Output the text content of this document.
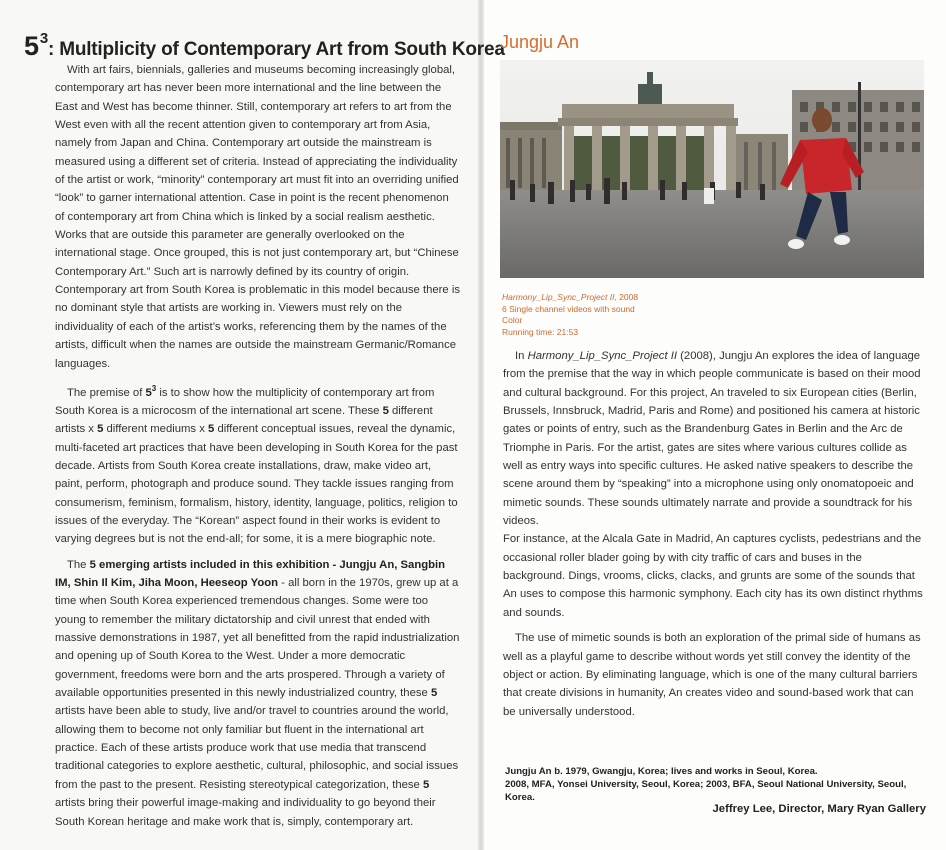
$5^3$: Multiplicity of Contemporary Art from South Korea

With art fairs, biennials, galleries and museums becoming increasingly global, contemporary art has never been more international and the line between the East and West has become thinner. Still, contemporary art refers to art from the West even with all the recent attention given to contemporary art from Asia, namely from Japan and China. Contemporary art outside the mainstream is measured using a different set of criteria. Instead of appreciating the individuality of the artist or work, “minority” contemporary art must fit into an overriding unified “look” to garner international attention. Case in point is the recent phenomenon of contemporary art from China which is linked by a social realism aesthetic. Works that are outside this parameter are generally overlooked on the international stage. Once grouped, this is not just contemporary art, but “Chinese Contemporary Art.” Such art is narrowly defined by its country of origin. Contemporary art from South Korea is problematic in this model because there is no dominant style that artists are working in. Viewers must rely on the individuality of each of the artist’s works, referencing them by the names of the artists, difficult when the names are outside the mainstream Germanic/Romance languages.

The premise of $5^3$ is to show how the multiplicity of contemporary art from South Korea is a microcosm of the international art scene. These 5 different artists x 5 different mediums x 5 different conceptual issues, reveal the dynamic, multi-faceted art practices that have been developing in South Korea for the past decade. Artists from South Korea create installations, draw, make video art, paint, perform, photograph and produce sound. They tackle issues ranging from consumerism, feminism, formalism, history, identity, language, politics, religion to issues of the everyday. The “Korean” aspect found in their works is evident to varying degrees but is not the end-all; for some, it is a mere biographic note.

The 5 emerging artists included in this exhibition - Jungju An, Sangbin IM, Shin Il Kim, Jiha Moon, Heeseop Yoon - all born in the 1970s, grew up at a time when South Korea experienced tremendous changes. Some were too young to remember the military dictatorship and civil unrest that ended with massive demonstrations in 1987, yet all benefitted from the rapid industrialization and opening up of South Korea to the West. Under a more democratic government, freedoms were born and the arts prospered. Through a variety of available opportunities presented in this newly industrialized country, these 5 artists have been able to study, live and/or travel to countries around the world, allowing them to become not only familiar but fluent in the international art practice. Each of these artists produce work that use media that transcend traditional categories to explore aesthetic, cultural, philosophic, and social issues from the past to the present. Resisting stereotypical categorization, these 5 artists bring their powerful image-making and individuality to go beyond their South Korean heritage and make work that is, simply, contemporary art.

Jeffrey Lee, Director, Mary Ryan Gallery
Jungju An
Harmony_Lip_Sync_Project II, 2008
6 Single channel videos with sound
Color
Running time: 21:53

In Harmony_Lip_Sync_Project II (2008), Jungju An explores the idea of language from the premise that the way in which people communicate is based on their mood and cultural background. For this project, An traveled to six European cities (Berlin, Brussels, Innsbruck, Madrid, Paris and Rome) and positioned his camera at historic gates or points of entry, such as the Brandenburg Gates in Berlin and the Arc de Triomphe in Paris. For the artist, gates are sites where various cultures collide as well as entry ways into specific cultures. He asked native speakers to describe the scene around them by “speaking” into a microphone using only onomatopoeic and mimetic sounds. These sounds ultimately narrate and provide a soundtrack for his videos.

For instance, at the Alcala Gate in Madrid, An captures cyclists, pedestrians and the occasional roller blader going by with city traffic of cars and buses in the background. Dings, vrooms, clicks, clacks, and grunts are some of the sounds that An uses to compose this harmonic symphony. Each city has its own distinct rhythms and sounds.

The use of mimetic sounds is both an exploration of the primal side of humans as well as a playful game to describe without words yet still convey the identity of the object or action. By eliminating language, which is one of the many cultural barriers that create divisions in humanity, An creates video and sound-based work that can be universally understood.

Jungju An b. 1979, Gwangju, Korea; lives and works in Seoul, Korea.
2008, MFA, Yonsei University, Seoul, Korea; 2003, BFA, Seoul National University, Seoul, Korea.
